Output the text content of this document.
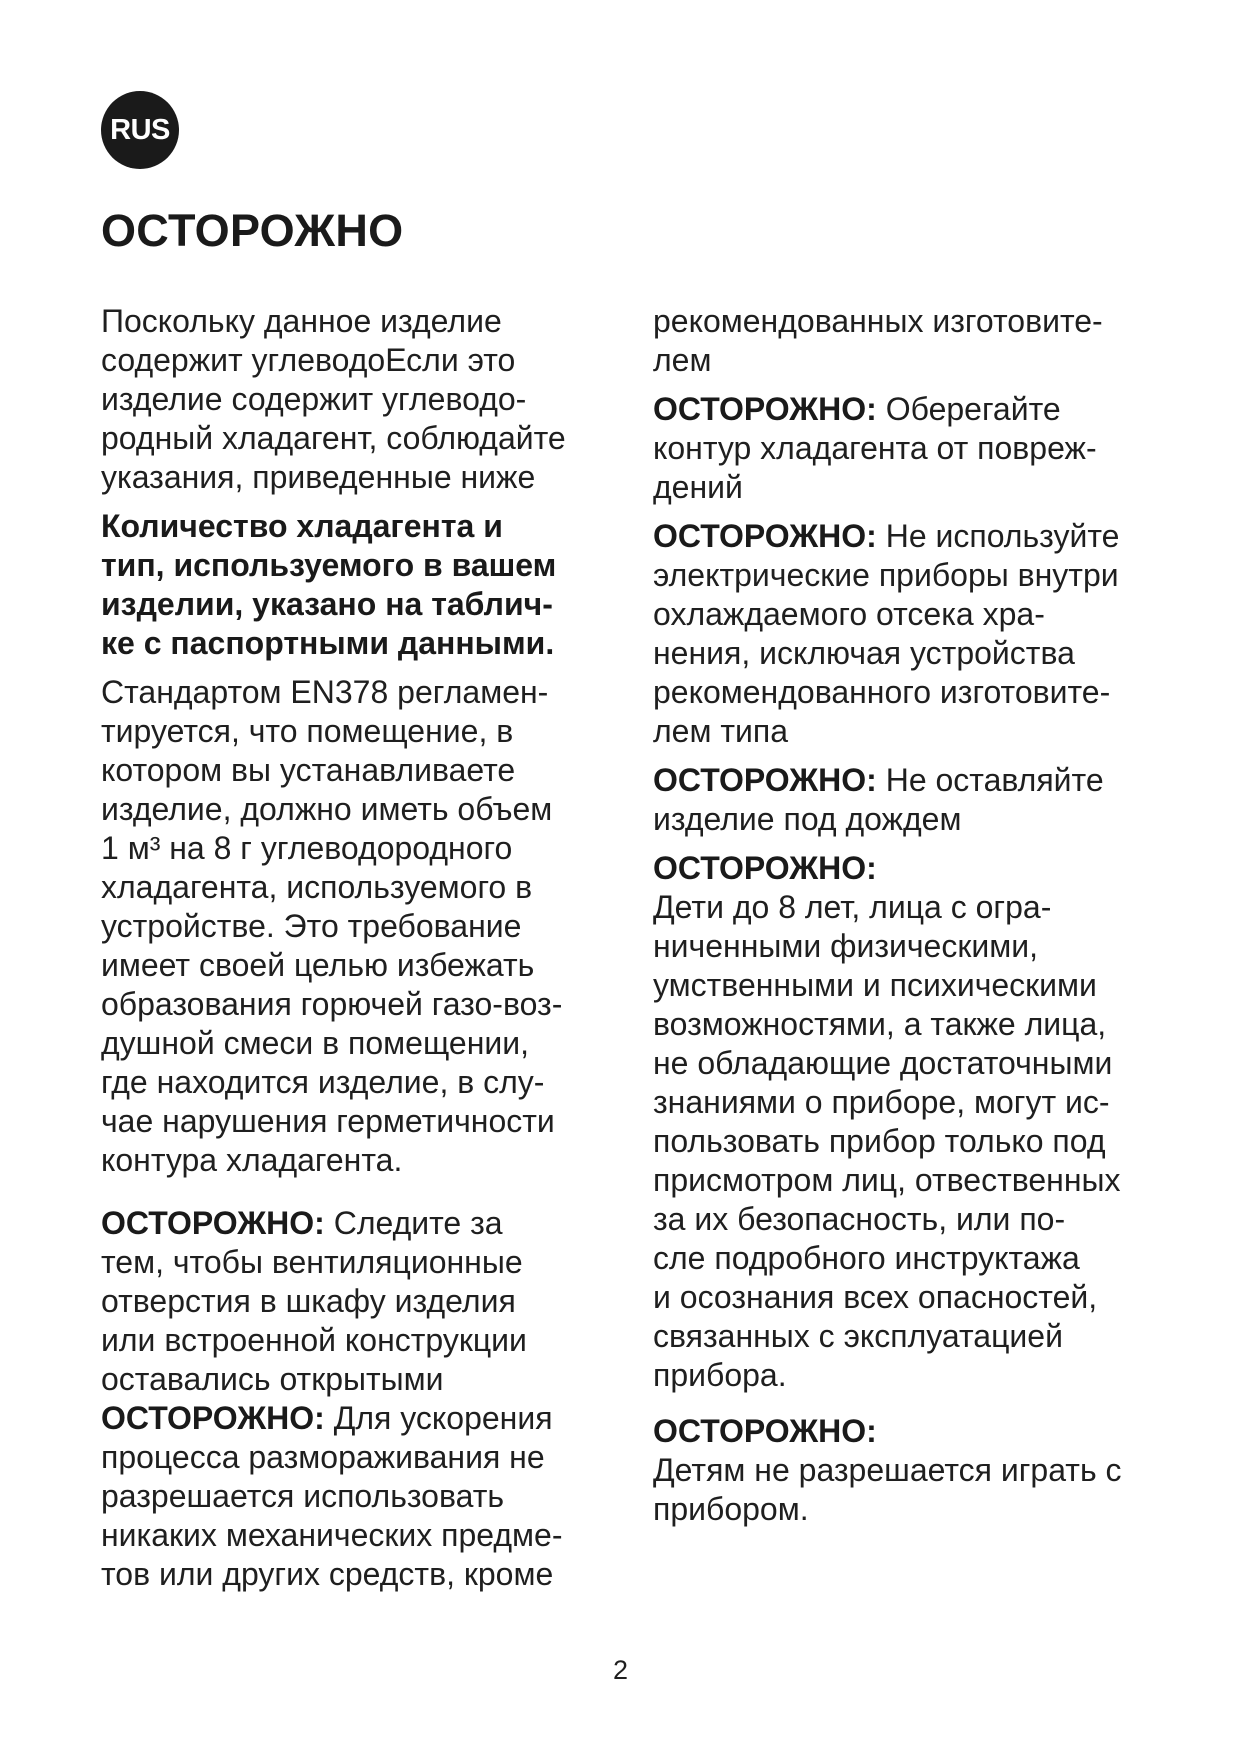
RUS
ОСТОРОЖНО

Поскольку данное изделие

содержит углеводоЕсли это

изделие содержит углеводо-

родный хладагент, соблюдайте

указания, приведенные ниже

Количество хладагента и

тип, используемого в вашем

изделии, указано на таблич-

ке с паспортными данными.

Стандартом EN378 регламен-

тируется, что помещение, в

котором вы устанавливаете

изделие, должно иметь объем

1 м³ на 8 г углеводородного

хладагента, используемого в

устройстве. Это требование

имеет своей целью избежать

образования горючей газо-воз-

душной смеси в помещении,

где находится изделие, в слу-

чае нарушения герметичности

контура хладагента.

ОСТОРОЖНО: Следите за

тем, чтобы вентиляционные

отверстия в шкафу изделия

или встроенной конструкции

оставались открытыми

ОСТОРОЖНО: Для ускорения

процесса размораживания не

разрешается использовать

никаких механических предме-

тов или других средств, кроме

рекомендованных изготовите-

лем

ОСТОРОЖНО: Оберегайте

контур хладагента от повреж-

дений

ОСТОРОЖНО: Не используйте

электрические приборы внутри

охлаждаемого отсека хра-

нения, исключая устройства

рекомендованного изготовите-

лем типа

ОСТОРОЖНО: Не оставляйте

изделие под дождем

ОСТОРОЖНО:

Дети до 8 лет, лица с огра-

ниченными физическими,

умственными и психическими

возможностями, а также лица,

не обладающие достаточными

знаниями о приборе, могут ис-

пользовать прибор только под

присмотром лиц, отвественных

за их безопасность, или по-

сле подробного инструктажа

и осознания всех опасностей,

связанных с эксплуатацией

прибора.

ОСТОРОЖНО:

Детям не разрешается играть с

прибором.

2
